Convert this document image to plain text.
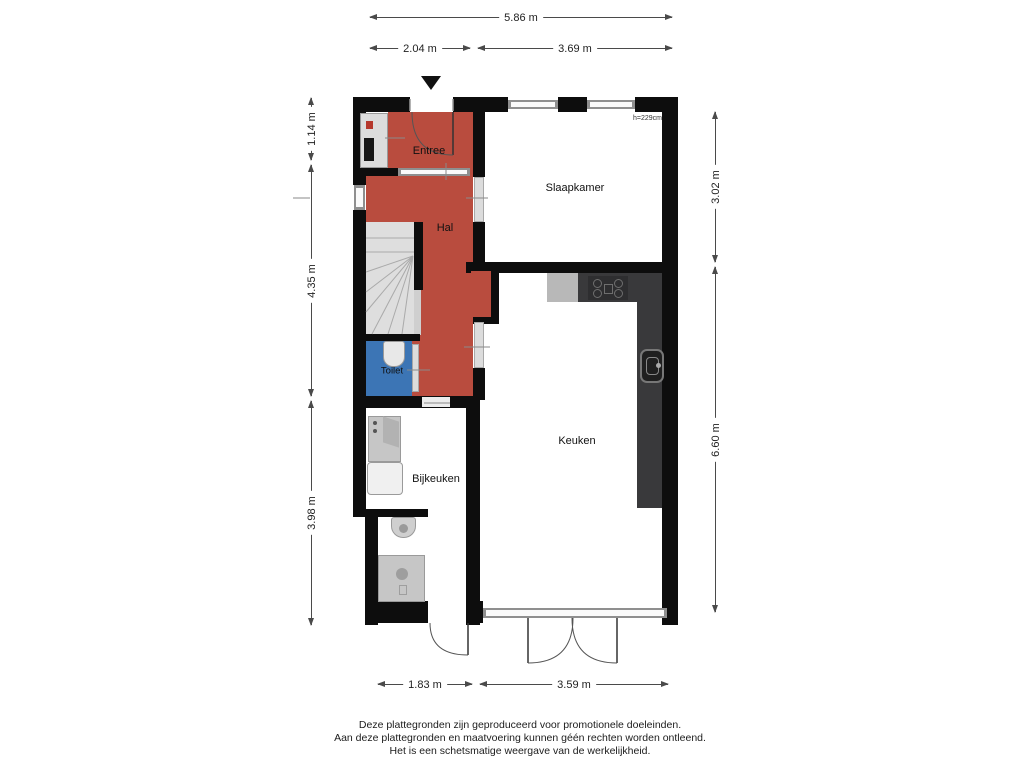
5.86 m
2.04 m	3.69 m
1.14 m
4.35 m
3.98 m
3.02 m
6.60 m
1.83 m	3.59 m
Entree
Hal
Slaapkamer
Toilet
Bijkeuken
Keuken
h=229cm
Deze plattegronden zijn geproduceerd voor promotionele doeleinden.
Aan deze plattegronden en maatvoering kunnen géén rechten worden ontleend.
Het is een schetsmatige weergave van de werkelijkheid.
